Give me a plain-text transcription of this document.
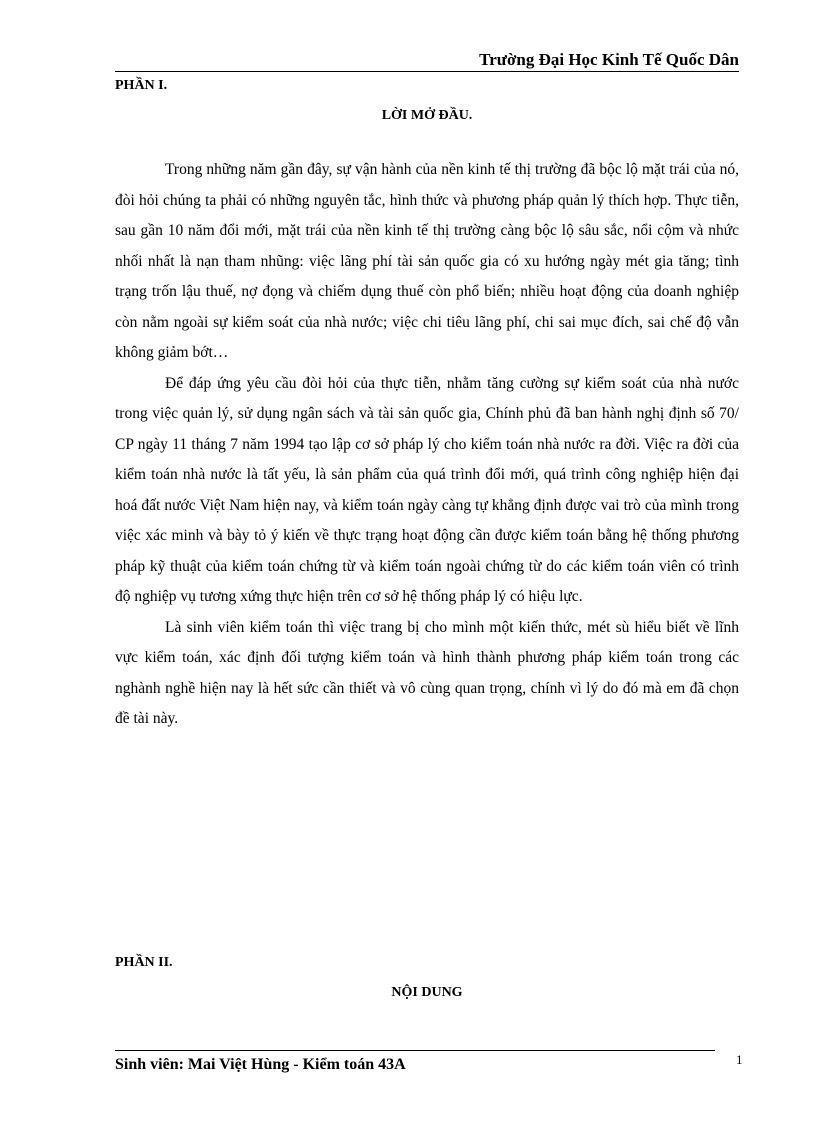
Trường Đại Học Kinh Tế Quốc Dân
PHẦN I.
LỜI MỞ ĐẦU.

Trong những năm gần đây, sự vận hành của nền kinh tế thị trường đã bộc lộ mặt trái của nó, đòi hỏi chúng ta phải có những nguyên tắc, hình thức và phương pháp quản lý thích hợp. Thực tiễn, sau gần 10 năm đổi mới, mặt trái của nền kinh tế thị trường càng bộc lộ sâu sắc, nổi cộm và nhức nhối nhất là nạn tham nhũng: việc lãng phí tài sản quốc gia có xu hướng ngày mét gia tăng; tình trạng trốn lậu thuế, nợ đọng và chiếm dụng thuế còn phổ biến; nhiều hoạt động của doanh nghiệp còn nằm ngoài sự kiểm soát của nhà nước; việc chi tiêu lãng phí, chi sai mục đích, sai chế độ vẫn không giảm bớt…

Để đáp ứng yêu cầu đòi hỏi của thực tiễn, nhằm tăng cường sự kiểm soát của nhà nước trong việc quản lý, sử dụng ngân sách và tài sản quốc gia, Chính phủ đã ban hành nghị định số 70/ CP ngày 11 tháng 7 năm 1994 tạo lập cơ sở pháp lý cho kiểm toán nhà nước ra đời. Việc ra đời của kiểm toán nhà nước là tất yếu, là sản phẩm của quá trình đổi mới, quá trình công nghiệp hiện đại hoá đất nước Việt Nam hiện nay, và kiểm toán ngày càng tự khẳng định được vai trò của mình trong việc xác minh và bày tỏ ý kiến về thực trạng hoạt động cần được kiểm toán bằng hệ thống phương pháp kỹ thuật của kiểm toán chứng từ và kiểm toán ngoài chứng từ do các kiểm toán viên có trình độ nghiệp vụ tương xứng thực hiện trên cơ sở hệ thống pháp lý có hiệu lực.

Là sinh viên kiểm toán thì việc trang bị cho mình một kiến thức, mét sù hiểu biết về lĩnh vực kiểm toán, xác định đối tượng kiểm toán và hình thành phương pháp kiểm toán trong các nghành nghề hiện nay là hết sức cần thiết và vô cùng quan trọng, chính vì lý do đó mà em đã chọn đề tài này.

PHẦN II.
NỘI DUNG
Sinh viên: Mai Việt Hùng - Kiểm toán 43A	1
